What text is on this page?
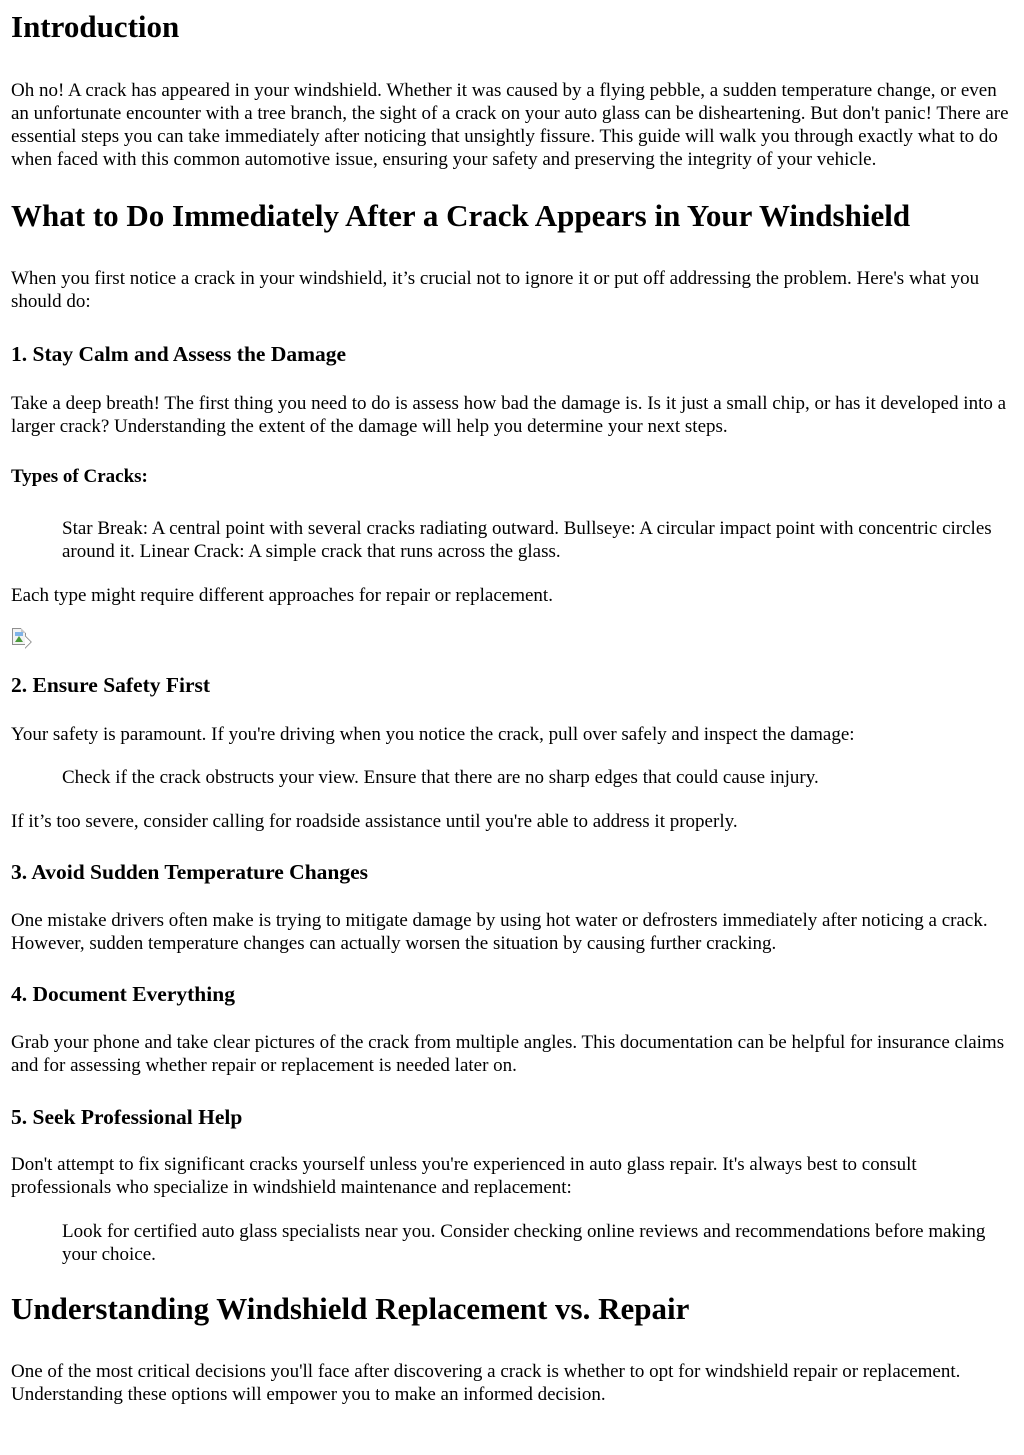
Introduction

Oh no! A crack has appeared in your windshield. Whether it was caused by a flying pebble, a sudden temperature change, or even an unfortunate encounter with a tree branch, the sight of a crack on your auto glass can be disheartening. But don't panic! There are essential steps you can take immediately after noticing that unsightly fissure. This guide will walk you through exactly what to do when faced with this common automotive issue, ensuring your safety and preserving the integrity of your vehicle.

What to Do Immediately After a Crack Appears in Your Windshield

When you first notice a crack in your windshield, it’s crucial not to ignore it or put off addressing the problem. Here's what you should do:

1. Stay Calm and Assess the Damage

Take a deep breath! The first thing you need to do is assess how bad the damage is. Is it just a small chip, or has it developed into a larger crack? Understanding the extent of the damage will help you determine your next steps.

Types of Cracks:

Star Break: A central point with several cracks radiating outward. Bullseye: A circular impact point with concentric circles around it. Linear Crack: A simple crack that runs across the glass.

Each type might require different approaches for repair or replacement.

2. Ensure Safety First

Your safety is paramount. If you're driving when you notice the crack, pull over safely and inspect the damage:

Check if the crack obstructs your view. Ensure that there are no sharp edges that could cause injury.

If it’s too severe, consider calling for roadside assistance until you're able to address it properly.

3. Avoid Sudden Temperature Changes

One mistake drivers often make is trying to mitigate damage by using hot water or defrosters immediately after noticing a crack. However, sudden temperature changes can actually worsen the situation by causing further cracking.

4. Document Everything

Grab your phone and take clear pictures of the crack from multiple angles. This documentation can be helpful for insurance claims and for assessing whether repair or replacement is needed later on.

5. Seek Professional Help

Don't attempt to fix significant cracks yourself unless you're experienced in auto glass repair. It's always best to consult professionals who specialize in windshield maintenance and replacement:

Look for certified auto glass specialists near you. Consider checking online reviews and recommendations before making your choice.

Understanding Windshield Replacement vs. Repair

One of the most critical decisions you'll face after discovering a crack is whether to opt for windshield repair or replacement. Understanding these options will empower you to make an informed decision.
